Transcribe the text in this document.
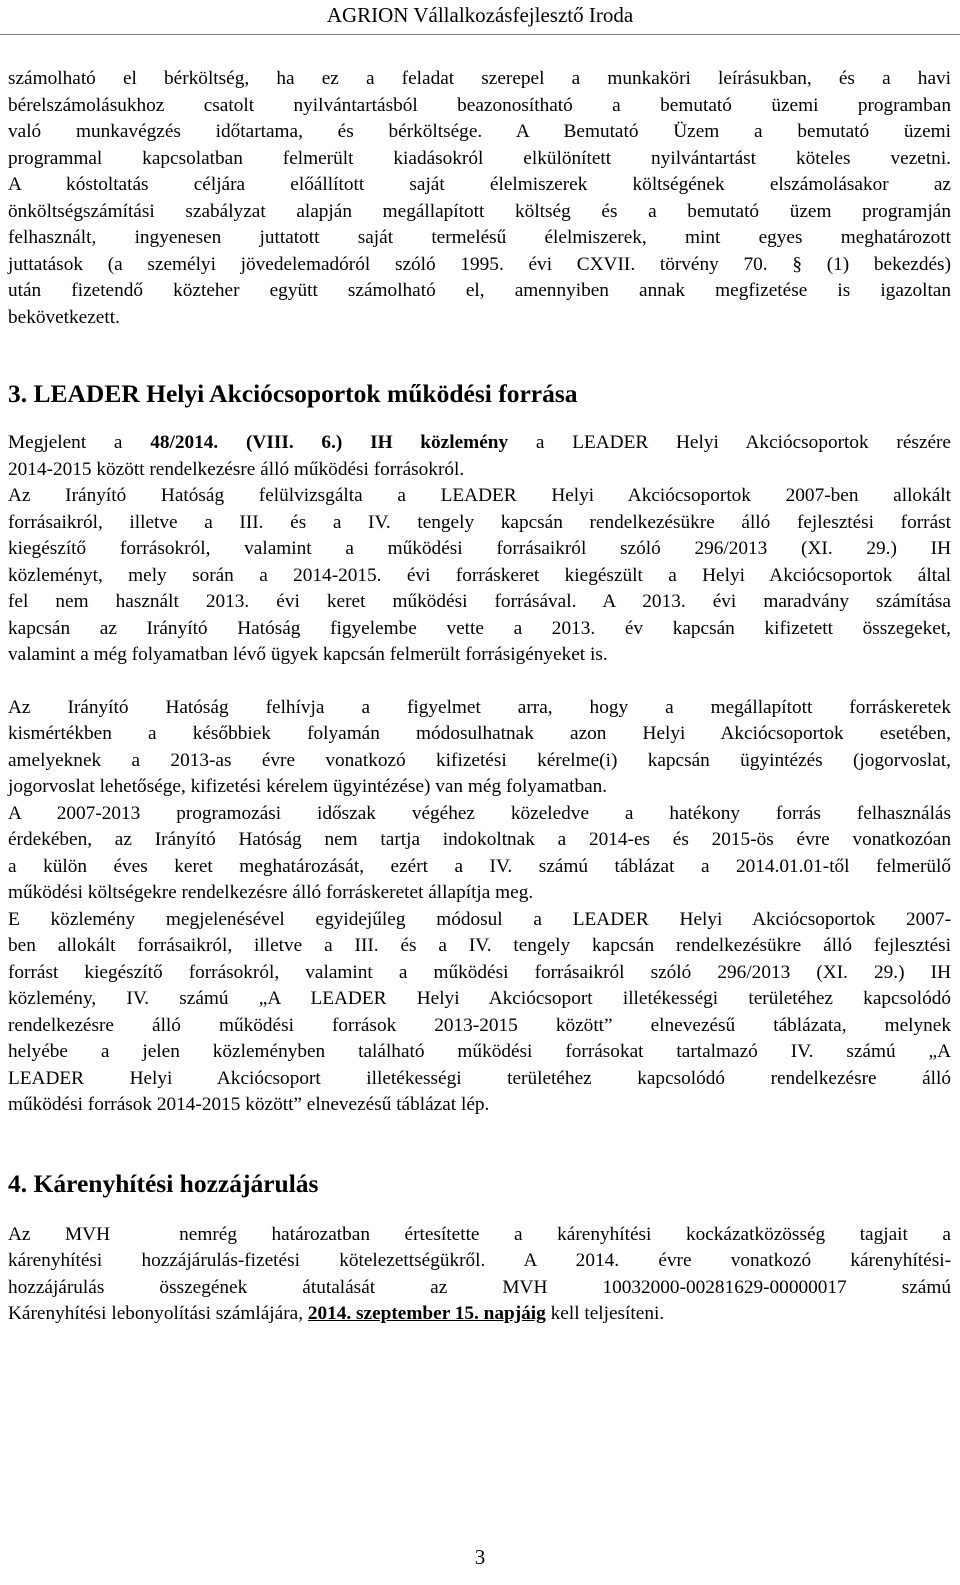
AGRION Vállalkozásfejlesztő Iroda
számolható el bérköltség, ha ez a feladat szerepel a munkaköri leírásukban, és a havi
bérelszámolásukhoz csatolt nyilvántartásból beazonosítható a bemutató üzemi programban
való munkavégzés időtartama, és bérköltsége. A Bemutató Üzem a bemutató üzemi
programmal kapcsolatban felmerült kiadásokról elkülönített nyilvántartást köteles vezetni.
A kóstoltatás céljára előállított saját élelmiszerek költségének elszámolásakor az
önköltségszámítási szabályzat alapján megállapított költség és a bemutató üzem programján
felhasznált, ingyenesen juttatott saját termelésű élelmiszerek, mint egyes meghatározott
juttatások (a személyi jövedelemadóról szóló 1995. évi CXVII. törvény 70. § (1) bekezdés)
után fizetendő közteher együtt számolható el, amennyiben annak megfizetése is igazoltan
bekövetkezett.
3. LEADER Helyi Akciócsoportok működési forrása
Megjelent a 48/2014. (VIII. 6.) IH közlemény a LEADER Helyi Akciócsoportok részére
2014-2015 között rendelkezésre álló működési forrásokról.
Az Irányító Hatóság felülvizsgálta a LEADER Helyi Akciócsoportok 2007-ben allokált
forrásaikról, illetve a III. és a IV. tengely kapcsán rendelkezésükre álló fejlesztési forrást
kiegészítő forrásokról, valamint a működési forrásaikról szóló 296/2013 (XI. 29.) IH
közleményt, mely során a 2014-2015. évi forráskeret kiegészült a Helyi Akciócsoportok által
fel nem használt 2013. évi keret működési forrásával. A 2013. évi maradvány számítása
kapcsán az Irányító Hatóság figyelembe vette a 2013. év kapcsán kifizetett összegeket,
valamint a még folyamatban lévő ügyek kapcsán felmerült forrásigényeket is.
Az Irányító Hatóság felhívja a figyelmet arra, hogy a megállapított forráskeretek
kismértékben a későbbiek folyamán módosulhatnak azon Helyi Akciócsoportok esetében,
amelyeknek a 2013-as évre vonatkozó kifizetési kérelme(i) kapcsán ügyintézés (jogorvoslat,
jogorvoslat lehetősége, kifizetési kérelem ügyintézése) van még folyamatban.
A 2007-2013 programozási időszak végéhez közeledve a hatékony forrás felhasználás
érdekében, az Irányító Hatóság nem tartja indokoltnak a 2014-es és 2015-ös évre vonatkozóan
a külön éves keret meghatározását, ezért a IV. számú táblázat a 2014.01.01-től felmerülő
működési költségekre rendelkezésre álló forráskeretet állapítja meg.
E közlemény megjelenésével egyidejűleg módosul a LEADER Helyi Akciócsoportok 2007-
ben allokált forrásaikról, illetve a III. és a IV. tengely kapcsán rendelkezésükre álló fejlesztési
forrást kiegészítő forrásokról, valamint a működési forrásaikról szóló 296/2013 (XI. 29.) IH
közlemény, IV. számú „A LEADER Helyi Akciócsoport illetékességi területéhez kapcsolódó
rendelkezésre álló működési források 2013-2015 között” elnevezésű táblázata, melynek
helyébe a jelen közleményben található működési forrásokat tartalmazó IV. számú „A
LEADER Helyi Akciócsoport illetékességi területéhez kapcsolódó rendelkezésre álló
működési források 2014-2015 között” elnevezésű táblázat lép.
4. Kárenyhítési hozzájárulás
Az MVH  nemrég határozatban értesítette a kárenyhítési kockázatközösség tagjait a
kárenyhítési hozzájárulás-fizetési kötelezettségükről. A 2014. évre vonatkozó kárenyhítési-
hozzájárulás összegének átutalását az MVH 10032000-00281629-00000017 számú
Kárenyhítési lebonyolítási számlájára, 2014. szeptember 15. napjáig kell teljesíteni.
3
